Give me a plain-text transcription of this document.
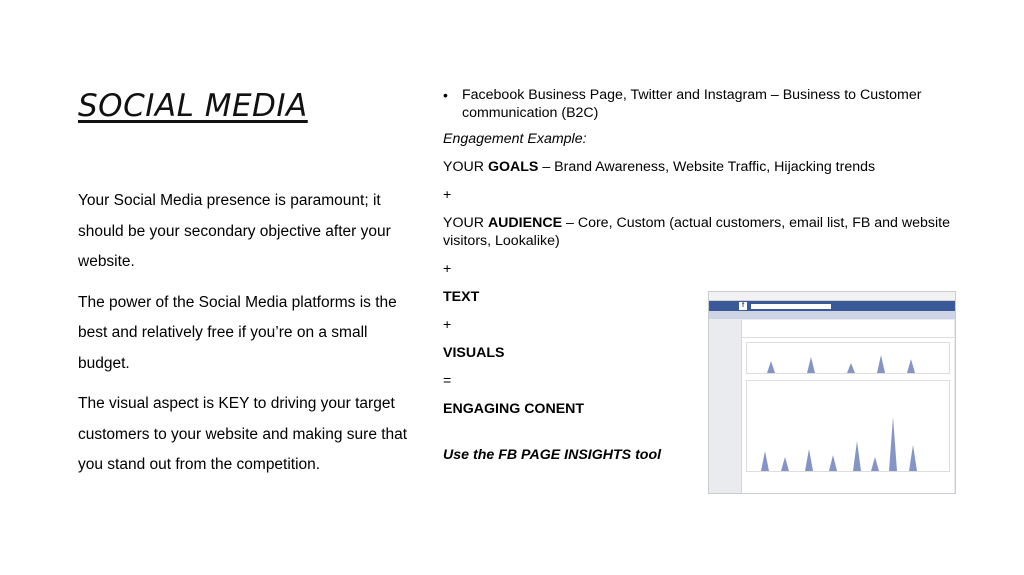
SOCIAL MEDIA

Your Social Media presence is paramount; it should be your secondary objective after your website.

The power of the Social Media platforms is the best and relatively free if you’re on a small budget.

The visual aspect is KEY to driving your target customers to your website and making sure that you stand out from the competition.

• Facebook Business Page, Twitter and Instagram – Business to Customer communication (B2C)
Engagement Example:
YOUR GOALS – Brand Awareness, Website Traffic, Hijacking trends
+
YOUR AUDIENCE – Core, Custom (actual customers, email list, FB and website visitors, Lookalike)
+
TEXT
+
VISUALS
=
ENGAGING CONENT
Use the FB PAGE INSIGHTS tool
f
